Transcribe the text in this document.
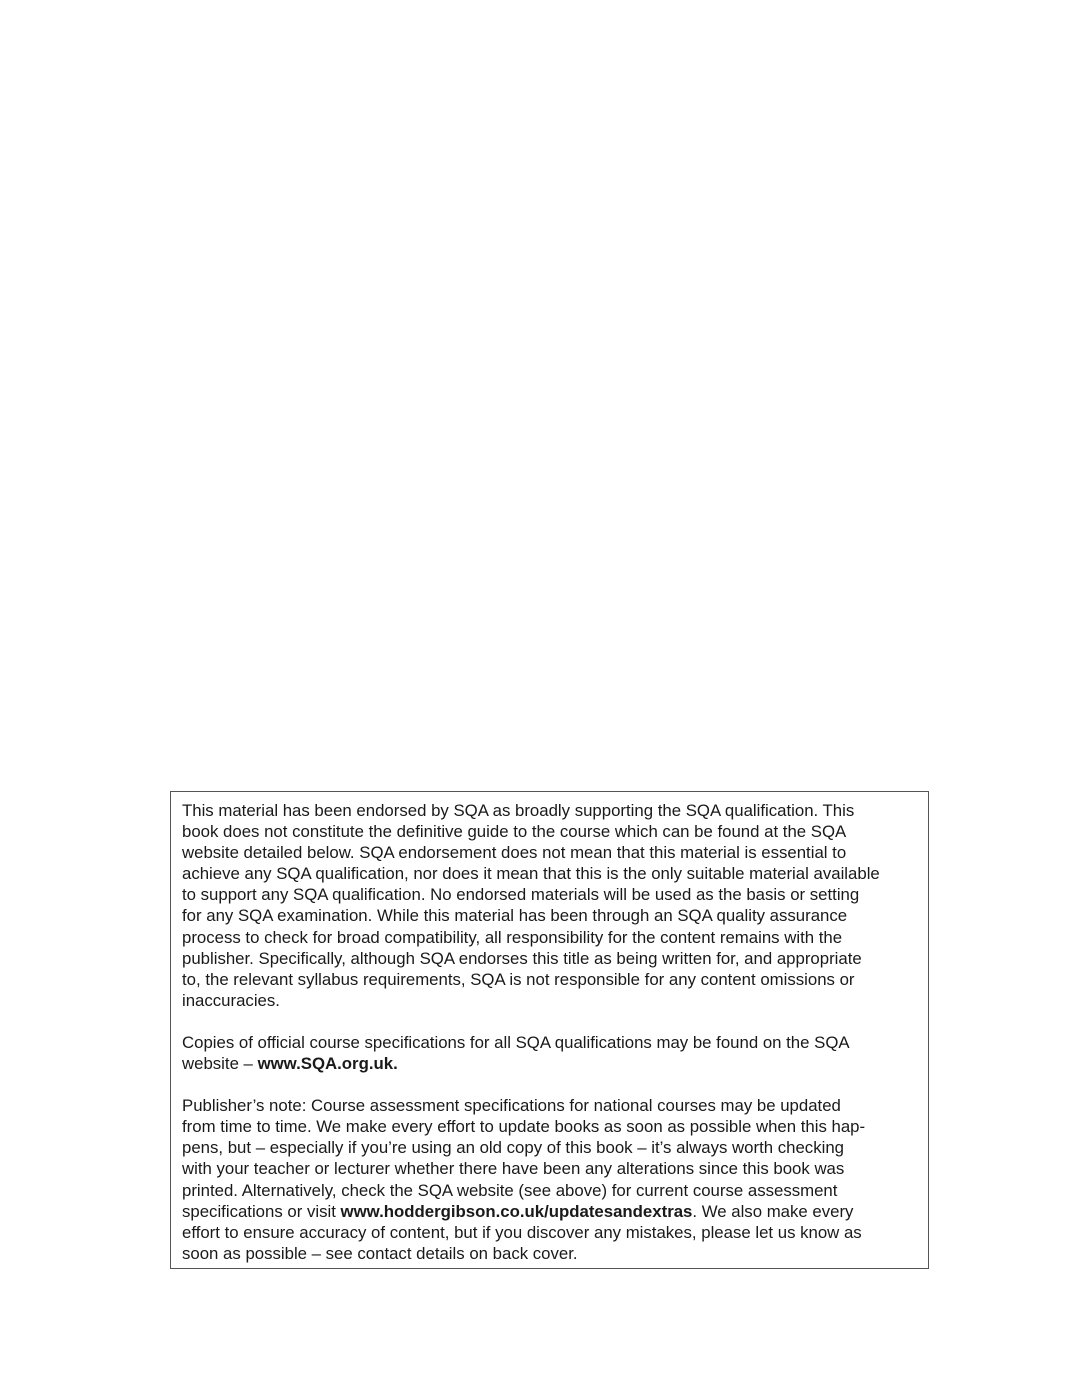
This material has been endorsed by SQA as broadly supporting the SQA qualification. This
book does not constitute the definitive guide to the course which can be found at the SQA
website detailed below. SQA endorsement does not mean that this material is essential to
achieve any SQA qualification, nor does it mean that this is the only suitable material available
to support any SQA qualification. No endorsed materials will be used as the basis or setting
for any SQA examination. While this material has been through an SQA quality assurance
process to check for broad compatibility, all responsibility for the content remains with the
publisher. Specifically, although SQA endorses this title as being written for, and appropriate
to, the relevant syllabus requirements, SQA is not responsible for any content omissions or
inaccuracies.

Copies of official course specifications for all SQA qualifications may be found on the SQA
website – www.SQA.org.uk.

Publisher’s note: Course assessment specifications for national courses may be updated
from time to time. We make every effort to update books as soon as possible when this hap-
pens, but – especially if you’re using an old copy of this book – it’s always worth checking
with your teacher or lecturer whether there have been any alterations since this book was
printed. Alternatively, check the SQA website (see above) for current course assessment
specifications or visit www.hoddergibson.co.uk/updatesandextras. We also make every
effort to ensure accuracy of content, but if you discover any mistakes, please let us know as
soon as possible – see contact details on back cover.
